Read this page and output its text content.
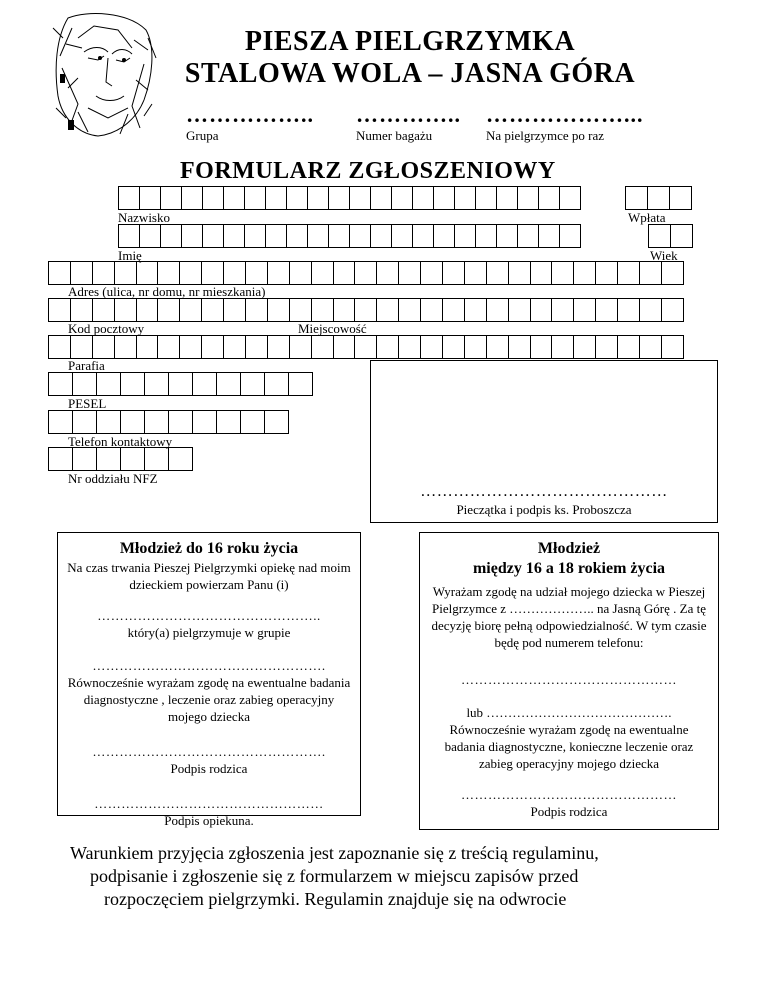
PIESZA PIELGRZYMKA
STALOWA WOLA – JASNA GÓRA
……………..
Grupa
…………..
Numer bagażu
………………...
Na pielgrzymce po raz
FORMULARZ ZGŁOSZENIOWY
Nazwisko	Wpłata
Imię	Wiek
Adres (ulica, nr domu, nr mieszkania)
Kod pocztowy	Miejscowość
Parafia
PESEL
Telefon kontaktowy
Nr oddziału NFZ
………………………………………
Pieczątka i podpis ks. Proboszcza
Młodzież do 16 roku życia
Na czas trwania Pieszej Pielgrzymki opiekę nad moim dzieckiem powierzam Panu (i)
…………………………………………..
który(a) pielgrzymuje w grupie
…………………………………………….
Równocześnie wyrażam zgodę na ewentualne badania diagnostyczne , leczenie oraz zabieg operacyjny mojego dziecka
…………………………………………….
Podpis rodzica
……………………………………………
Podpis opiekuna.
Młodzież
między 16 a 18 rokiem życia
Wyrażam zgodę na udział mojego dziecka w Pieszej Pielgrzymce z ……………….. na Jasną Górę . Za tę decyzję biorę pełną odpowiedzialność. W tym czasie będę pod numerem telefonu:
…………………………………………
lub …………………………………….
Równocześnie wyrażam zgodę na ewentualne badania diagnostyczne, konieczne leczenie oraz zabieg operacyjny mojego dziecka
…………………………………………
Podpis rodzica
Warunkiem przyjęcia zgłoszenia jest zapoznanie się z treścią regulaminu,
podpisanie i zgłoszenie się z formularzem w miejscu zapisów przed
rozpoczęciem pielgrzymki. Regulamin znajduje się na odwrocie
